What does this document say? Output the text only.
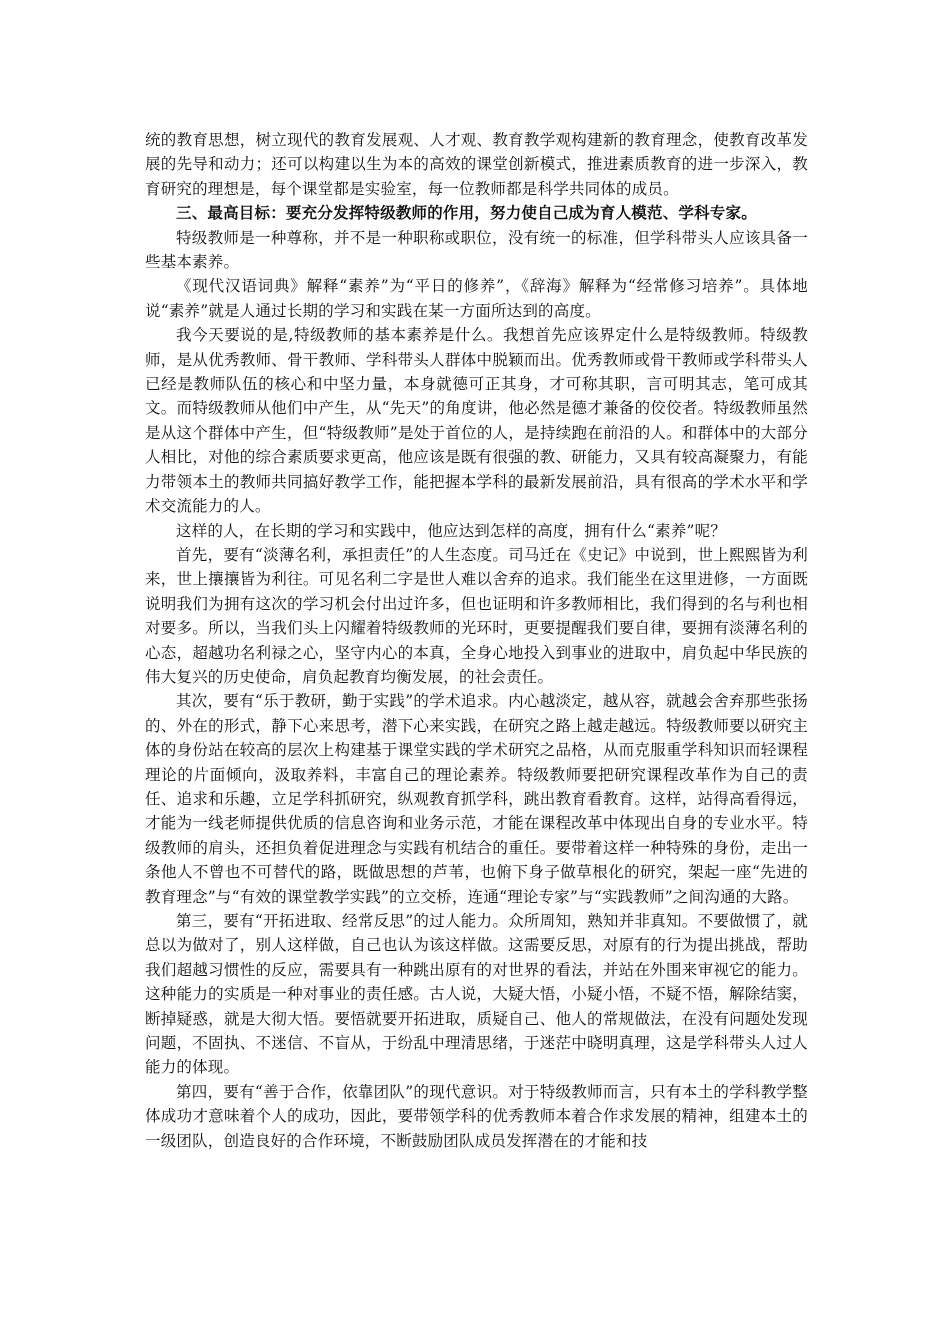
统的教育思想，树立现代的教育发展观、人才观、教育教学观构建新的教育理念，使教育改革发展的先导和动力；还可以构建以生为本的高效的课堂创新模式，推进素质教育的进一步深入，教育研究的理想是，每个课堂都是实验室，每一位教师都是科学共同体的成员。

三、最高目标：要充分发挥特级教师的作用，努力使自己成为育人模范、学科专家。

特级教师是一种尊称，并不是一种职称或职位，没有统一的标准，但学科带头人应该具备一些基本素养。

《现代汉语词典》解释“素养”为“平日的修养”，《辞海》解释为“经常修习培养”。具体地说“素养”就是人通过长期的学习和实践在某一方面所达到的高度。

我今天要说的是,特级教师的基本素养是什么。我想首先应该界定什么是特级教师。特级教师，是从优秀教师、骨干教师、学科带头人群体中脱颖而出。优秀教师或骨干教师或学科带头人已经是教师队伍的核心和中坚力量，本身就德可正其身，才可称其职，言可明其志，笔可成其文。而特级教师从他们中产生，从“先天”的角度讲，他必然是德才兼备的佼佼者。特级教师虽然是从这个群体中产生，但“特级教师”是处于首位的人，是持续跑在前沿的人。和群体中的大部分人相比，对他的综合素质要求更高，他应该是既有很强的教、研能力，又具有较高凝聚力，有能力带领本土的教师共同搞好教学工作，能把握本学科的最新发展前沿，具有很高的学术水平和学术交流能力的人。

这样的人，在长期的学习和实践中，他应达到怎样的高度，拥有什么“素养”呢？

首先，要有“淡薄名利，承担责任”的人生态度。司马迁在《史记》中说到，世上熙熙皆为利来，世上攘攘皆为利往。可见名利二字是世人难以舍弃的追求。我们能坐在这里进修，一方面既说明我们为拥有这次的学习机会付出过许多，但也证明和许多教师相比，我们得到的名与利也相对要多。所以，当我们头上闪耀着特级教师的光环时，更要提醒我们要自律，要拥有淡薄名利的心态，超越功名利禄之心，坚守内心的本真，全身心地投入到事业的进取中，肩负起中华民族的伟大复兴的历史使命，肩负起教育均衡发展，的社会责任。

其次，要有“乐于教研，勤于实践”的学术追求。内心越淡定，越从容，就越会舍弃那些张扬的、外在的形式，静下心来思考，潜下心来实践，在研究之路上越走越远。特级教师要以研究主体的身份站在较高的层次上构建基于课堂实践的学术研究之品格，从而克服重学科知识而轻课程理论的片面倾向，汲取养料，丰富自己的理论素养。特级教师要把研究课程改革作为自己的责任、追求和乐趣，立足学科抓研究，纵观教育抓学科，跳出教育看教育。这样，站得高看得远，才能为一线老师提供优质的信息咨询和业务示范，才能在课程改革中体现出自身的专业水平。特级教师的肩头，还担负着促进理念与实践有机结合的重任。要带着这样一种特殊的身份，走出一条他人不曾也不可替代的路，既做思想的芦苇，也俯下身子做草根化的研究，架起一座“先进的教育理念”与“有效的课堂教学实践”的立交桥，连通“理论专家”与“实践教师”之间沟通的大路。

第三，要有“开拓进取、经常反思”的过人能力。众所周知，熟知并非真知。不要做惯了，就总以为做对了，别人这样做，自己也认为该这样做。这需要反思，对原有的行为提出挑战，帮助我们超越习惯性的反应，需要具有一种跳出原有的对世界的看法，并站在外围来审视它的能力。这种能力的实质是一种对事业的责任感。古人说，大疑大悟，小疑小悟，不疑不悟，解除结窦，断掉疑惑，就是大彻大悟。要悟就要开拓进取，质疑自己、他人的常规做法，在没有问题处发现问题，不固执、不迷信、不盲从，于纷乱中理清思绪，于迷茫中晓明真理，这是学科带头人过人能力的体现。

第四，要有“善于合作，依靠团队”的现代意识。对于特级教师而言，只有本土的学科教学整体成功才意味着个人的成功，因此，要带领学科的优秀教师本着合作求发展的精神，组建本土的一级团队，创造良好的合作环境，不断鼓励团队成员发挥潜在的才能和技
